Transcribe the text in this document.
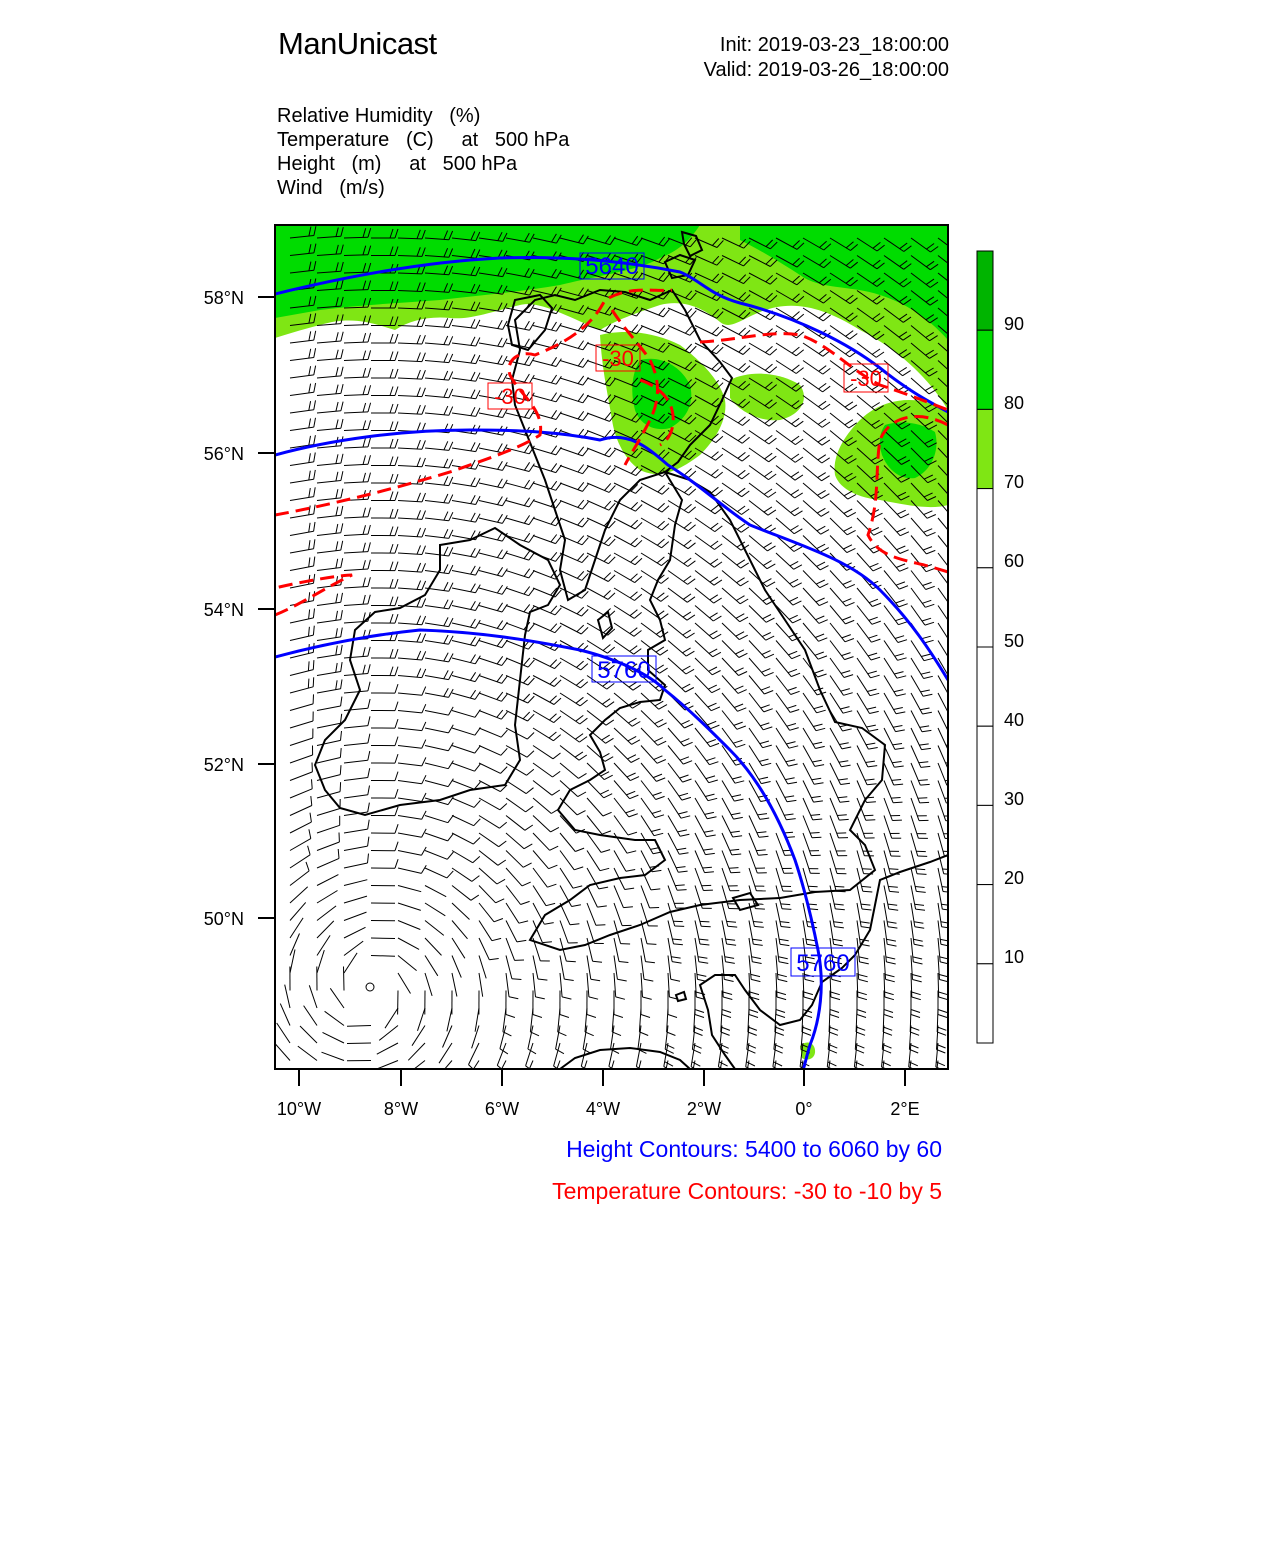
ManUnicast	Init: 2019-03-23_18:00:00
Valid: 2019-03-26_18:00:00
Relative Humidity   (%)
Temperature   (C)     at   500 hPa
Height   (m)     at   500 hPa
Wind   (m/s)
5640
5760
5760
-30
-30
-30
58°N
56°N
54°N
52°N
50°N
10°W	8°W	6°W	4°W	2°W	0°	2°E
90
80
70
60
50
40
30
20
10
Height Contours: 5400 to 6060 by 60
Temperature Contours: -30 to -10 by 5
